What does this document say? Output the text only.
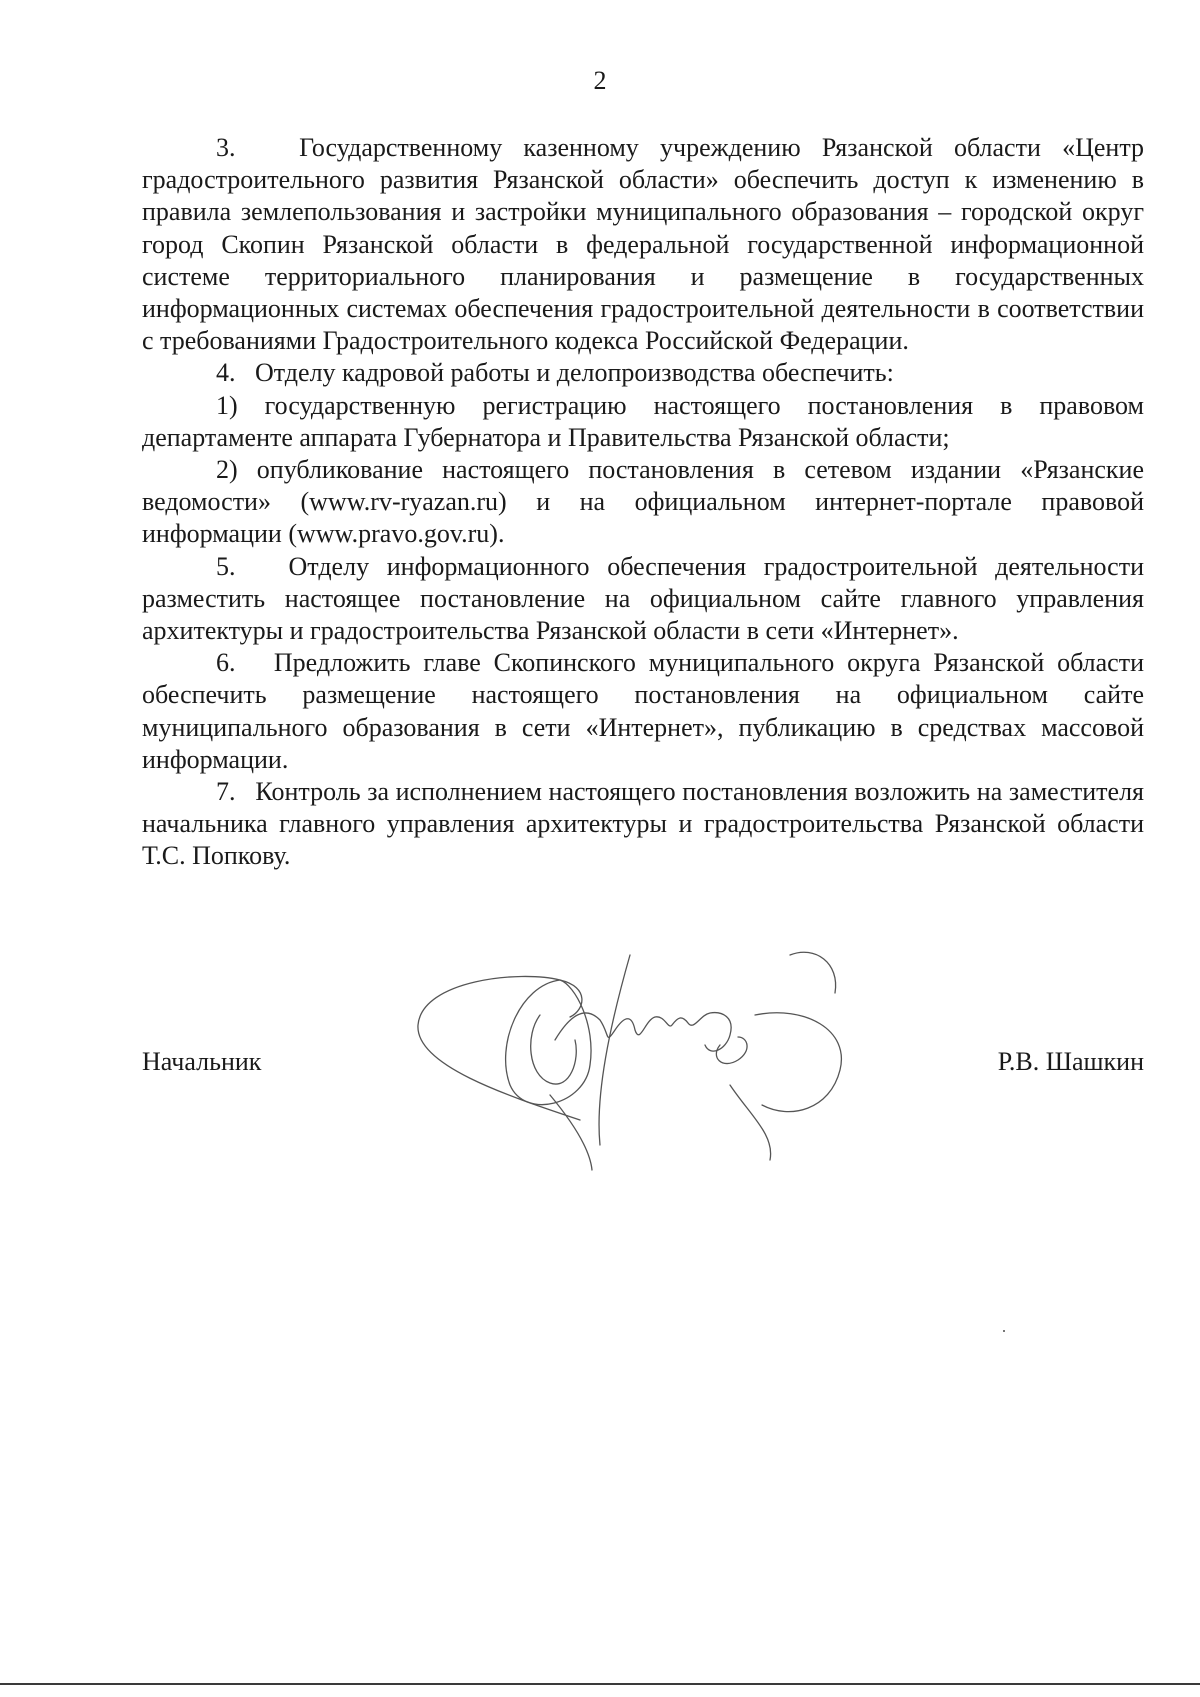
2

3.   Государственному казенному учреждению Рязанской области «Центр градостроительного развития Рязанской области» обеспечить доступ к изменению в правила землепользования и застройки муниципального образования – городской округ город Скопин Рязанской области в федеральной государственной информационной системе территориального планирования и размещение в государственных информационных системах обеспечения градостроительной деятельности в соответствии с требованиями Градостроительного кодекса Российской Федерации.

4.   Отделу кадровой работы и делопроизводства обеспечить:

1) государственную регистрацию настоящего постановления в правовом департаменте аппарата Губернатора и Правительства Рязанской области;

2) опубликование настоящего постановления в сетевом издании «Рязанские ведомости» (www.rv-ryazan.ru) и на официальном интернет-портале правовой информации (www.pravo.gov.ru).

5.   Отделу информационного обеспечения градостроительной деятельности разместить настоящее постановление на официальном сайте главного управления архитектуры и градостроительства Рязанской области в сети «Интернет».

6.   Предложить главе Скопинского муниципального округа Рязанской области обеспечить размещение настоящего постановления на официальном сайте муниципального образования в сети «Интернет», публикацию в средствах массовой информации.

7.   Контроль за исполнением настоящего постановления возложить на заместителя начальника главного управления архитектуры и градостроительства Рязанской области Т.С. Попкову.

Начальник	Р.В. Шашкин
